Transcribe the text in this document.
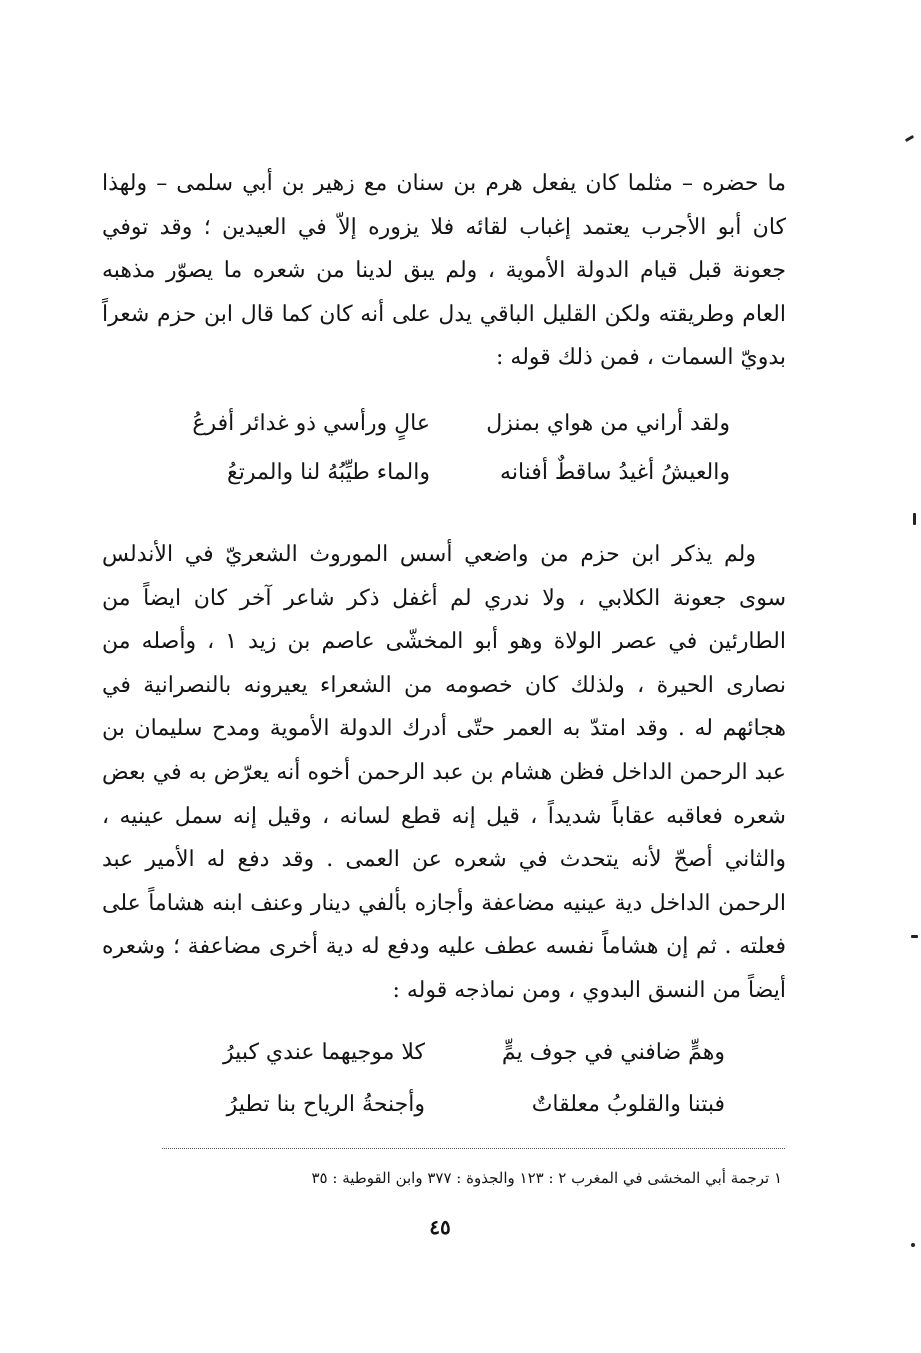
ما حضره – مثلما كان يفعل هرم بن سنان مع زهير بن أبي سلمى – ولهذا كان أبو الأجرب يعتمد إغباب لقائه فلا يزوره إلاّ في العيدين ؛ وقد توفي جعونة قبل قيام الدولة الأموية ، ولم يبق لدينا من شعره ما يصوّر مذهبه العام وطريقته ولكن القليل الباقي يدل على أنه كان كما قال ابن حزم شعراً بدويّ السمات ، فمن ذلك قوله :

ولقد أراني من هواي بمنزل
عالٍ ورأسي ذو غدائر أفرعُ
والعيشُ أغيدُ ساقطٌ أفنانه
والماء طيِّبُهُ لنا والمرتعُ

ولم يذكر ابن حزم من واضعي أسس الموروث الشعريّ في الأندلس سوى جعونة الكلابي ، ولا ندري لم أغفل ذكر شاعر آخر كان ايضاً من الطارئين في عصر الولاة وهو أبو المخشّى عاصم بن زيد ١ ، وأصله من نصارى الحيرة ، ولذلك كان خصومه من الشعراء يعيرونه بالنصرانية في هجائهم له . وقد امتدّ به العمر حتّى أدرك الدولة الأموية ومدح سليمان بن عبد الرحمن الداخل فظن هشام بن عبد الرحمن أخوه أنه يعرّض به في بعض شعره فعاقبه عقاباً شديداً ، قيل إنه قطع لسانه ، وقيل إنه سمل عينيه ، والثاني أصحّ لأنه يتحدث في شعره عن العمى . وقد دفع له الأمير عبد الرحمن الداخل دية عينيه مضاعفة وأجازه بألفي دينار وعنف ابنه هشاماً على فعلته . ثم إن هشاماً نفسه عطف عليه ودفع له دية أخرى مضاعفة ؛ وشعره أيضاً من النسق البدوي ، ومن نماذجه قوله :

وهمٍّ ضافني في جوف يمٍّ
كلا موجيهما عندي كبيرُ
فبتنا والقلوبُ معلقاتٌ
وأجنحةُ الرياح بنا تطيرُ

١ ترجمة أبي المخشى في المغرب ٢ : ١٢٣ والجذوة : ٣٧٧ وابن القوطية : ٣٥

٤٥
